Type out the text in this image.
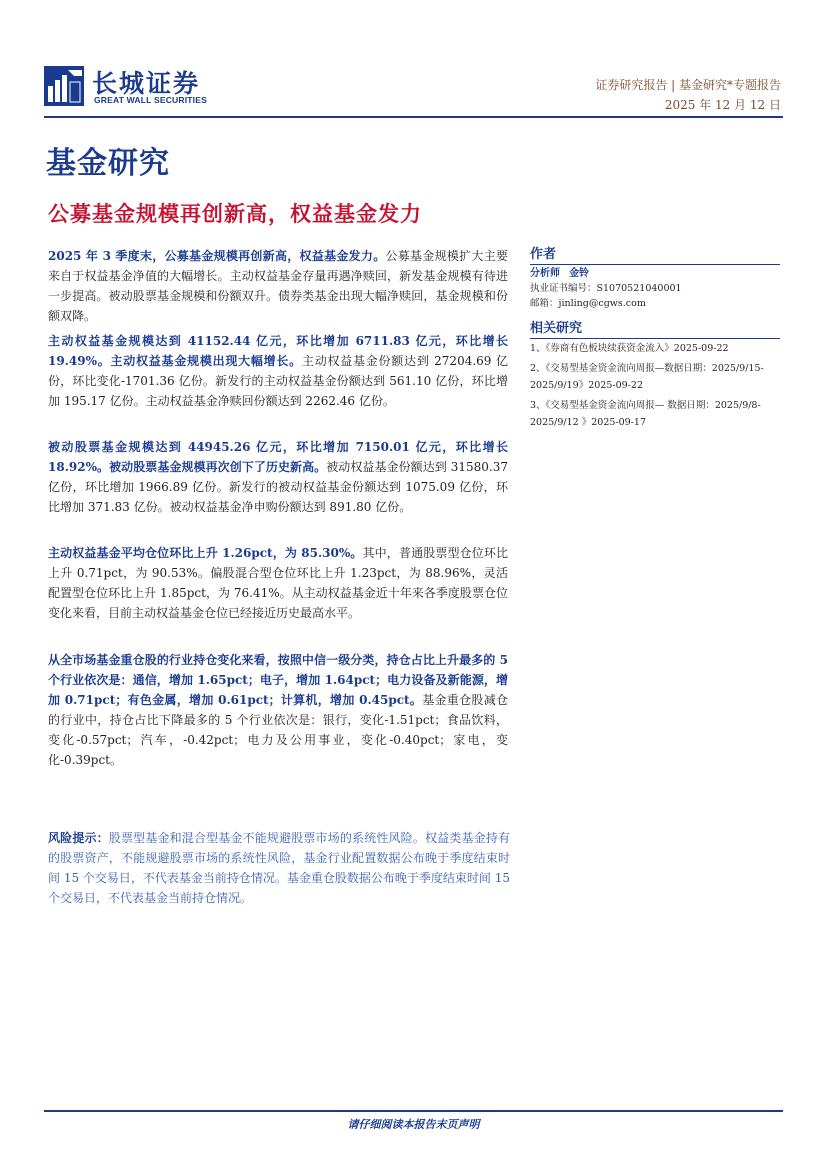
长城证券
GREAT WALL SECURITIES
证券研究报告 | 基金研究*专题报告
2025 年 12 月 12 日
基金研究
公募基金规模再创新高，权益基金发力

2025 年 3 季度末，公募基金规模再创新高，权益基金发力。公募基金规模扩大主要来自于权益基金净值的大幅增长。主动权益基金存量再遇净赎回，新发基金规模有待进一步提高。被动股票基金规模和份额双升。债券类基金出现大幅净赎回，基金规模和份额双降。

主动权益基金规模达到 41152.44 亿元，环比增加 6711.83 亿元，环比增长 19.49%。主动权益基金规模出现大幅增长。主动权益基金份额达到 27204.69 亿份，环比变化-1701.36 亿份。新发行的主动权益基金份额达到 561.10 亿份，环比增加 195.17 亿份。主动权益基金净赎回份额达到 2262.46 亿份。

被动股票基金规模达到 44945.26 亿元，环比增加 7150.01 亿元，环比增长 18.92%。被动股票基金规模再次创下了历史新高。被动权益基金份额达到 31580.37 亿份，环比增加 1966.89 亿份。新发行的被动权益基金份额达到 1075.09 亿份，环比增加 371.83 亿份。被动权益基金净申购份额达到 891.80 亿份。

主动权益基金平均仓位环比上升 1.26pct，为 85.30%。其中，普通股票型仓位环比上升 0.71pct，为 90.53%。偏股混合型仓位环比上升 1.23pct，为 88.96%，灵活配置型仓位环比上升 1.85pct，为 76.41%。从主动权益基金近十年来各季度股票仓位变化来看，目前主动权益基金仓位已经接近历史最高水平。

从全市场基金重仓股的行业持仓变化来看，按照中信一级分类，持仓占比上升最多的 5 个行业依次是：通信，增加 1.65pct；电子，增加 1.64pct；电力设备及新能源，增加 0.71pct；有色金属，增加 0.61pct；计算机，增加 0.45pct。基金重仓股减仓的行业中，持仓占比下降最多的 5 个行业依次是：银行，变化-1.51pct；食品饮料，变化-0.57pct；汽车，-0.42pct；电力及公用事业，变化-0.40pct；家电，变化-0.39pct。

风险提示：股票型基金和混合型基金不能规避股票市场的系统性风险。权益类基金持有的股票资产，不能规避股票市场的系统性风险，基金行业配置数据公布晚于季度结束时间 15 个交易日，不代表基金当前持仓情况。基金重仓股数据公布晚于季度结束时间 15 个交易日，不代表基金当前持仓情况。

作者
分析师 金铃
执业证书编号：S1070521040001
邮箱：jinling@cgws.com
相关研究
1、《券商有色板块续获资金流入》2025-09-22
2、《交易型基金资金流向周报—数据日期：2025/9/15-2025/9/19》2025-09-22
3、《交易型基金资金流向周报— 数据日期：2025/9/8-2025/9/12 》2025-09-17
请仔细阅读本报告末页声明
